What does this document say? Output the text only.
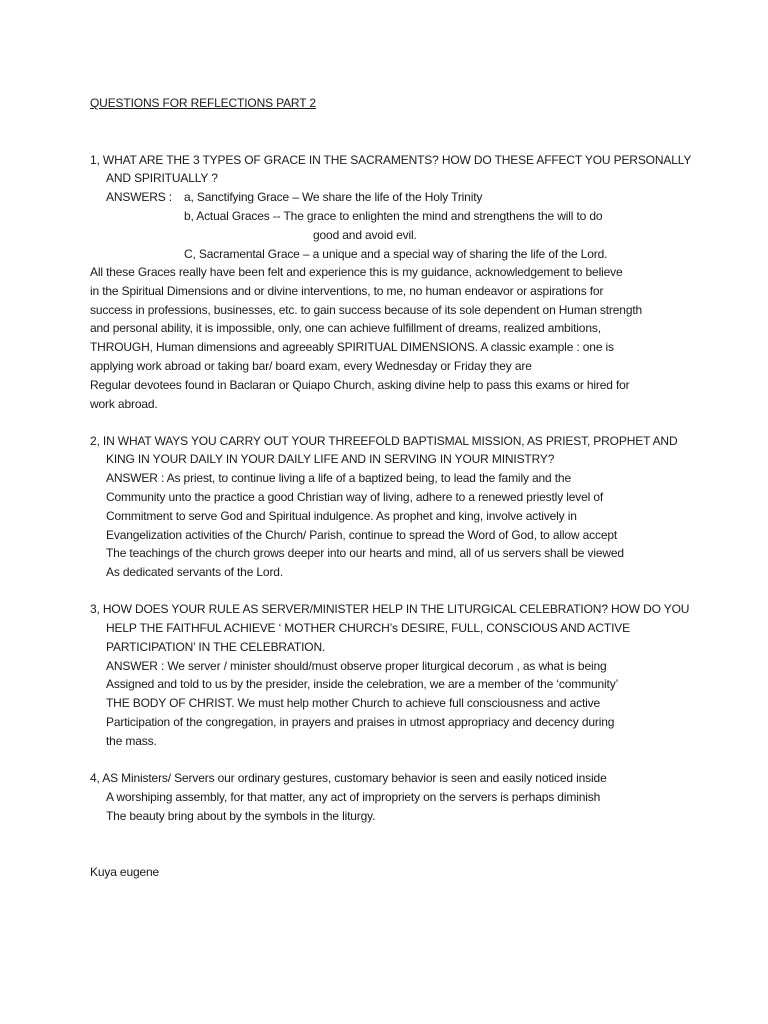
QUESTIONS FOR REFLECTIONS PART 2
1, WHAT ARE THE 3 TYPES OF GRACE IN THE SACRAMENTS? HOW DO THESE AFFECT YOU PERSONALLY
AND SPIRITUALLY ?
ANSWERS : a, Sanctifying Grace – We share the life of the Holy Trinity
b, Actual Graces -- The grace to enlighten the mind and strengthens the will to do
good and avoid evil.
C, Sacramental Grace – a unique and a special way of sharing the life of the Lord.
All these Graces really have been felt and experience this is my guidance, acknowledgement to believe
in the Spiritual Dimensions and or divine interventions, to me, no human endeavor or aspirations for
success in professions, businesses, etc. to gain success because of its sole dependent on Human strength
and personal ability, it is impossible, only, one can achieve fulfillment of dreams, realized ambitions,
THROUGH, Human dimensions and agreeably SPIRITUAL DIMENSIONS. A classic example : one is
applying work abroad or taking bar/ board exam, every Wednesday or Friday they are
Regular devotees found in Baclaran or Quiapo Church, asking divine help to pass this exams or hired for
work abroad.
2, IN WHAT WAYS YOU CARRY OUT YOUR THREEFOLD BAPTISMAL MISSION, AS PRIEST, PROPHET AND
KING IN YOUR DAILY IN YOUR DAILY LIFE AND IN SERVING IN YOUR MINISTRY?
ANSWER : As priest, to continue living a life of a baptized being, to lead the family and the
Community unto the practice a good Christian way of living, adhere to a renewed priestly level of
Commitment to serve God and Spiritual indulgence. As prophet and king, involve actively in
Evangelization activities of the Church/ Parish, continue to spread the Word of God, to allow accept
The teachings of the church grows deeper into our hearts and mind, all of us servers shall be viewed
As dedicated servants of the Lord.
3, HOW DOES YOUR RULE AS SERVER/MINISTER HELP IN THE LITURGICAL CELEBRATION? HOW DO YOU
HELP THE FAITHFUL ACHIEVE ‘ MOTHER CHURCH’s DESIRE, FULL, CONSCIOUS AND ACTIVE
PARTICIPATION’ IN THE CELEBRATION.
ANSWER : We server / minister should/must observe proper liturgical decorum , as what is being
Assigned and told to us by the presider, inside the celebration, we are a member of the ‘community’
THE BODY OF CHRIST. We must help mother Church to achieve full consciousness and active
Participation of the congregation, in prayers and praises in utmost appropriacy and decency during
the mass.
4, AS Ministers/ Servers our ordinary gestures, customary behavior is seen and easily noticed inside
A worshiping assembly, for that matter, any act of impropriety on the servers is perhaps diminish
The beauty bring about by the symbols in the liturgy.
Kuya eugene
